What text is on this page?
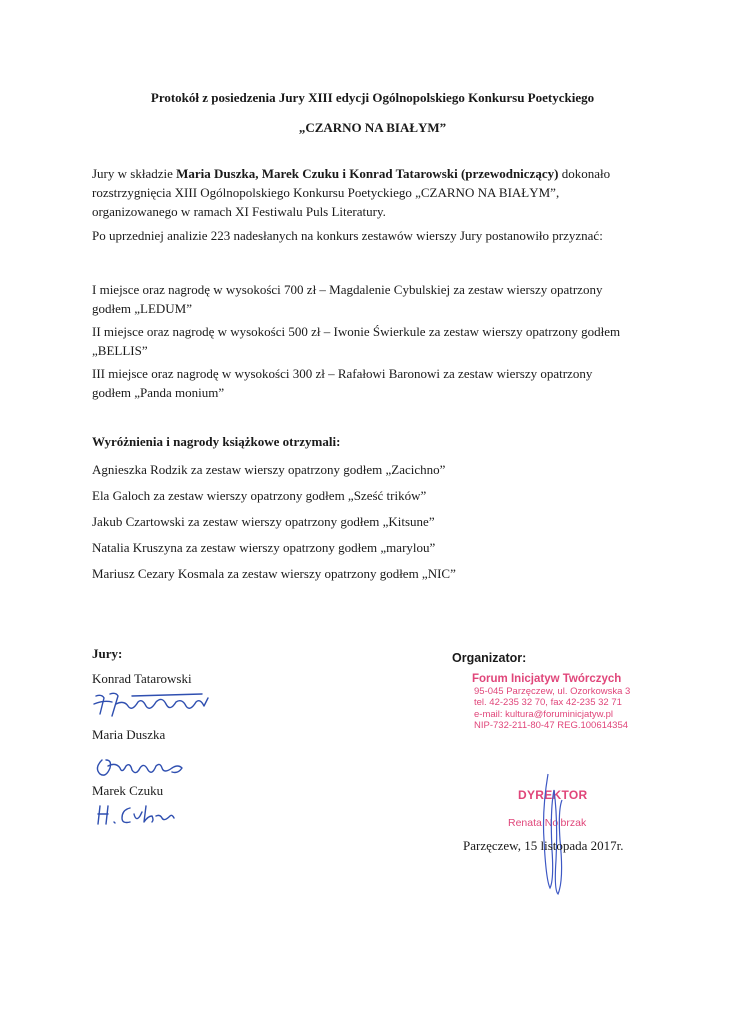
Protokół z posiedzenia Jury XIII edycji Ogólnopolskiego Konkursu Poetyckiego

„CZARNO NA BIAŁYM”

Jury w składzie Maria Duszka, Marek Czuku i Konrad Tatarowski (przewodniczący) dokonało
rozstrzygnięcia XIII Ogólnopolskiego Konkursu Poetyckiego „CZARNO NA BIAŁYM”,
organizowanego w ramach XI Festiwalu Puls Literatury.

Po uprzedniej analizie 223 nadesłanych na konkurs zestawów wierszy Jury postanowiło przyznać:

I miejsce oraz nagrodę w wysokości 700 zł – Magdalenie Cybulskiej za zestaw wierszy opatrzony
godłem „LEDUM”
II miejsce oraz nagrodę w wysokości 500 zł – Iwonie Świerkule za zestaw wierszy opatrzony godłem
„BELLIS”
III miejsce oraz nagrodę w wysokości 300 zł – Rafałowi Baronowi za zestaw wierszy opatrzony
godłem „Panda monium”

Wyróżnienia i nagrody książkowe otrzymali:

Agnieszka Rodzik za zestaw wierszy opatrzony godłem „Zacichno”

Ela Galoch za zestaw wierszy opatrzony godłem „Sześć trików”

Jakub Czartowski za zestaw wierszy opatrzony godłem „Kitsune”

Natalia Kruszyna za zestaw wierszy opatrzony godłem „marylou”

Mariusz Cezary Kosmala za zestaw wierszy opatrzony godłem „NIC”

Jury:

Konrad Tatarowski

Maria Duszka

Marek Czuku

Organizator:

Forum Inicjatyw Twórczych
95-045 Parzęczew, ul. Ozorkowska 3
tel. 42-235 32 70, fax 42-235 32 71
e-mail: kultura@foruminicjatyw.pl
NIP-732-211-80-47 REG.100614354
DYREKTOR
Renata Nolbrzak

Parzęczew, 15 listopada 2017r.
